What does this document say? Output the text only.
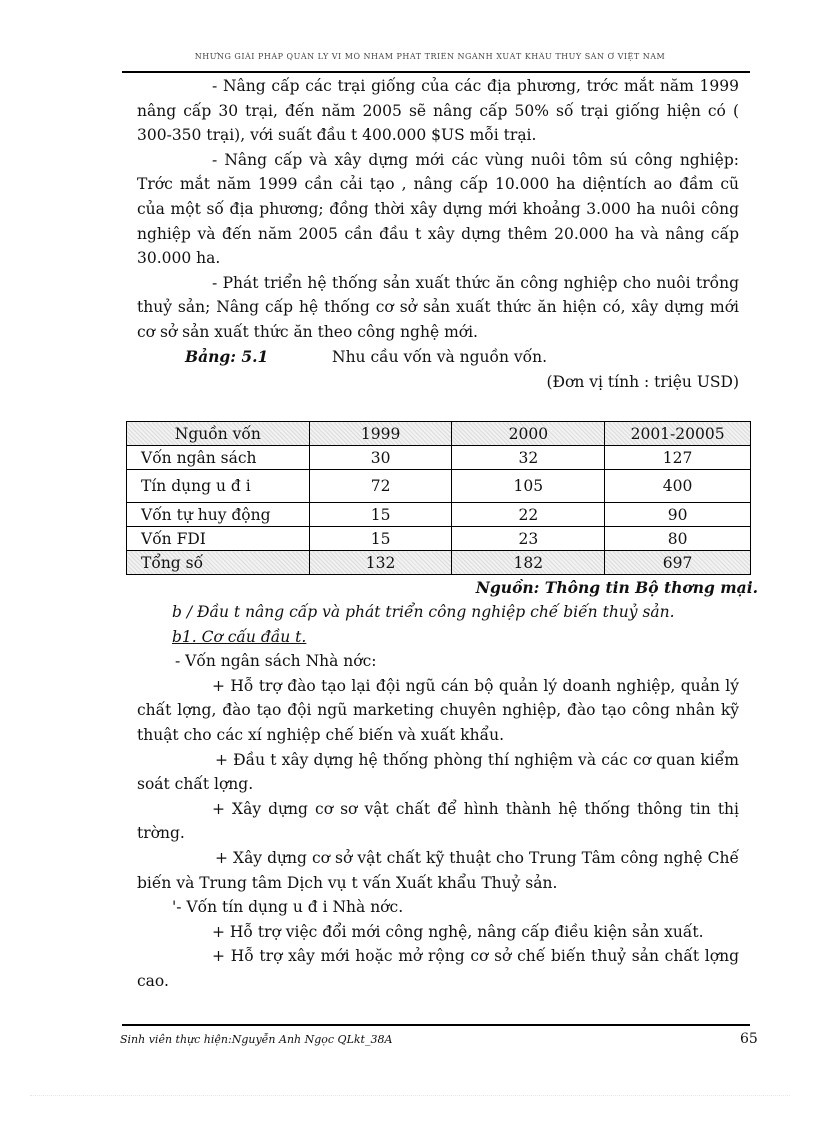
NHỮNG GIẢI PHÁP QUẢN LÝ VĨ MÔ NHẰM PHÁT TRIỂN NGÀNH XUẤT KHẨU THUỶ SẢN Ở VIỆT NAM

- Nâng cấp các trại giống của các địa phương, trớc mắt năm 1999 nâng cấp 30 trại, đến năm 2005 sẽ nâng cấp 50% số trại giống hiện có ( 300-350 trại), với suất đầu t 400.000 $US mỗi trại.

- Nâng cấp và xây dựng mới các vùng nuôi tôm sú công nghiệp: Trớc mắt năm 1999 cần cải tạo , nâng cấp 10.000 ha diệntích ao đầm cũ của một số địa phương; đồng thời xây dựng mới khoảng 3.000 ha nuôi công nghiệp và đến năm 2005 cần đầu t xây dựng thêm 20.000 ha và nâng cấp 30.000 ha.

- Phát triển hệ thống sản xuất thức ăn công nghiệp cho nuôi trồng thuỷ sản; Nâng cấp hệ thống cơ sở sản xuất thức ăn hiện có, xây dựng mới cơ sở sản xuất thức ăn theo công nghệ mới.

Bảng: 5.1	Nhu cầu vốn và nguồn vốn.
(Đơn vị tính : triệu USD)
Nguồn vốn	1999	2000	2001-20005
Vốn ngân sách	30	32	127
Tín dụng u đ i	72	105	400
Vốn tự huy động	15	22	90
Vốn FDI	15	23	80
Tổng số	132	182	697
Nguồn: Thông tin Bộ thơng mại.

b / Đầu t nâng cấp và phát triển công nghiệp chế biến thuỷ sản.

b1. Cơ cấu đầu t.

- Vốn ngân sách Nhà nớc:

+ Hỗ trợ đào tạo lại đội ngũ cán bộ quản lý doanh nghiệp, quản lý chất lợng, đào tạo đội ngũ marketing chuyên nghiệp, đào tạo công nhân kỹ thuật cho các xí nghiệp chế biến và xuất khẩu.

+ Đầu t xây dựng hệ thống phòng thí nghiệm và các cơ quan kiểm soát chất lợng.

+ Xây dựng cơ sơ vật chất để hình thành hệ thống thông tin thị trờng.

+ Xây dựng cơ sở vật chất kỹ thuật cho Trung Tâm công nghệ Chế biến và Trung tâm Dịch vụ t vấn Xuất khẩu Thuỷ sản.

'- Vốn tín dụng u đ i Nhà nớc.

+ Hỗ trợ việc đổi mới công nghệ, nâng cấp điều kiện sản xuất.

+ Hỗ trợ xây mới hoặc mở rộng cơ sở chế biến thuỷ sản chất lợng cao.

Sinh viên thực hiện:Nguyễn Anh Ngọc QLkt_38A	65
